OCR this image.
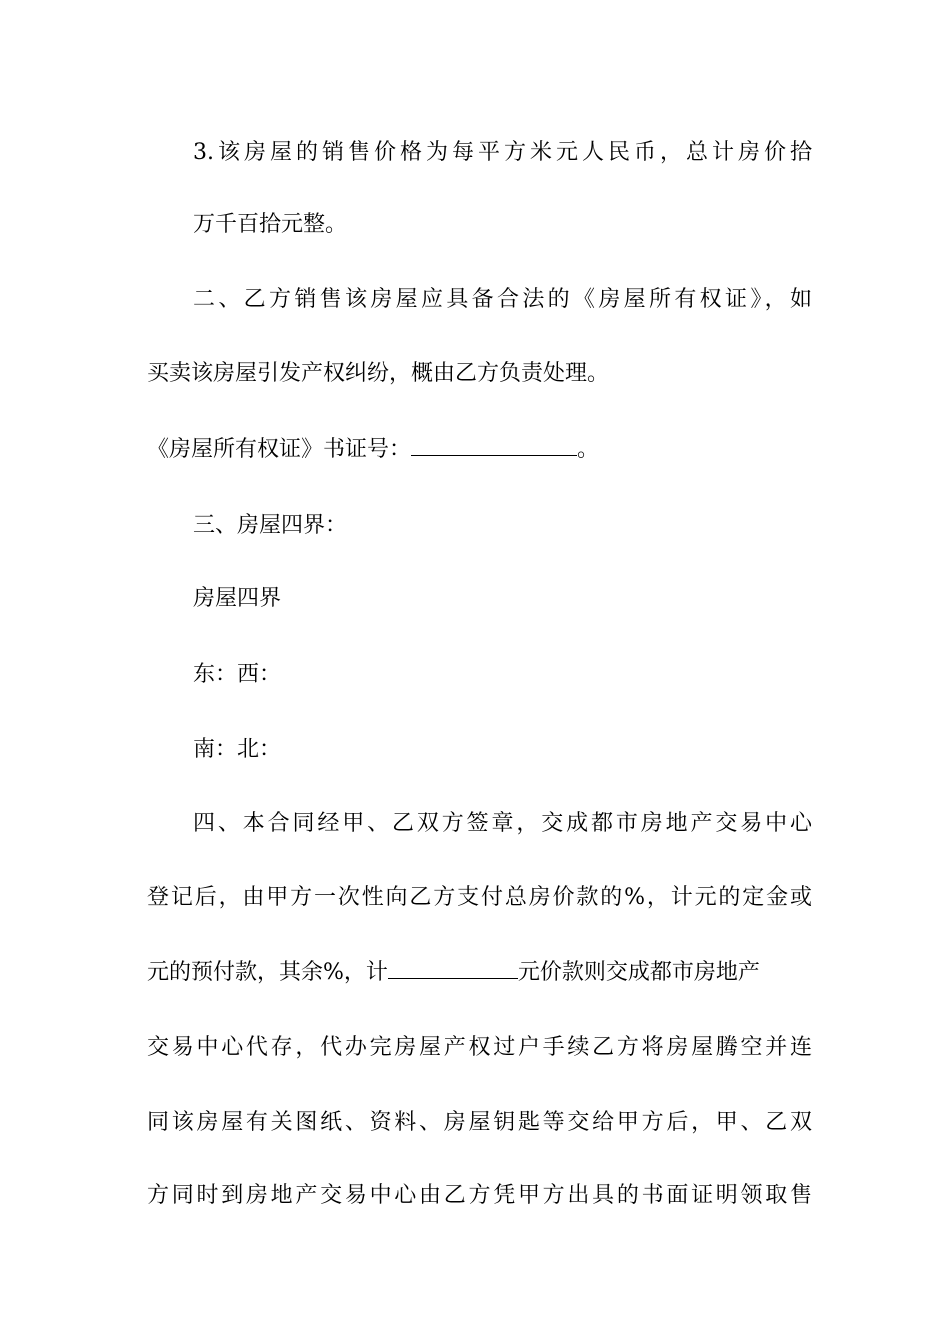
3.该房屋的销售价格为每平方米元人民币，总计房价拾

万千百拾元整。

二、乙方销售该房屋应具备合法的《房屋所有权证》，如

买卖该房屋引发产权纠纷，概由乙方负责处理。

《房屋所有权证》书证号：	。

三、房屋四界：

房屋四界

东：西：

南：北：

四、本合同经甲、乙双方签章，交成都市房地产交易中心

登记后，由甲方一次性向乙方支付总房价款的%，计元的定金或

元的预付款，其余%，计	元价款则交成都市房地产

交易中心代存，代办完房屋产权过户手续乙方将房屋腾空并连

同该房屋有关图纸、资料、房屋钥匙等交给甲方后，甲、乙双

方同时到房地产交易中心由乙方凭甲方出具的书面证明领取售
